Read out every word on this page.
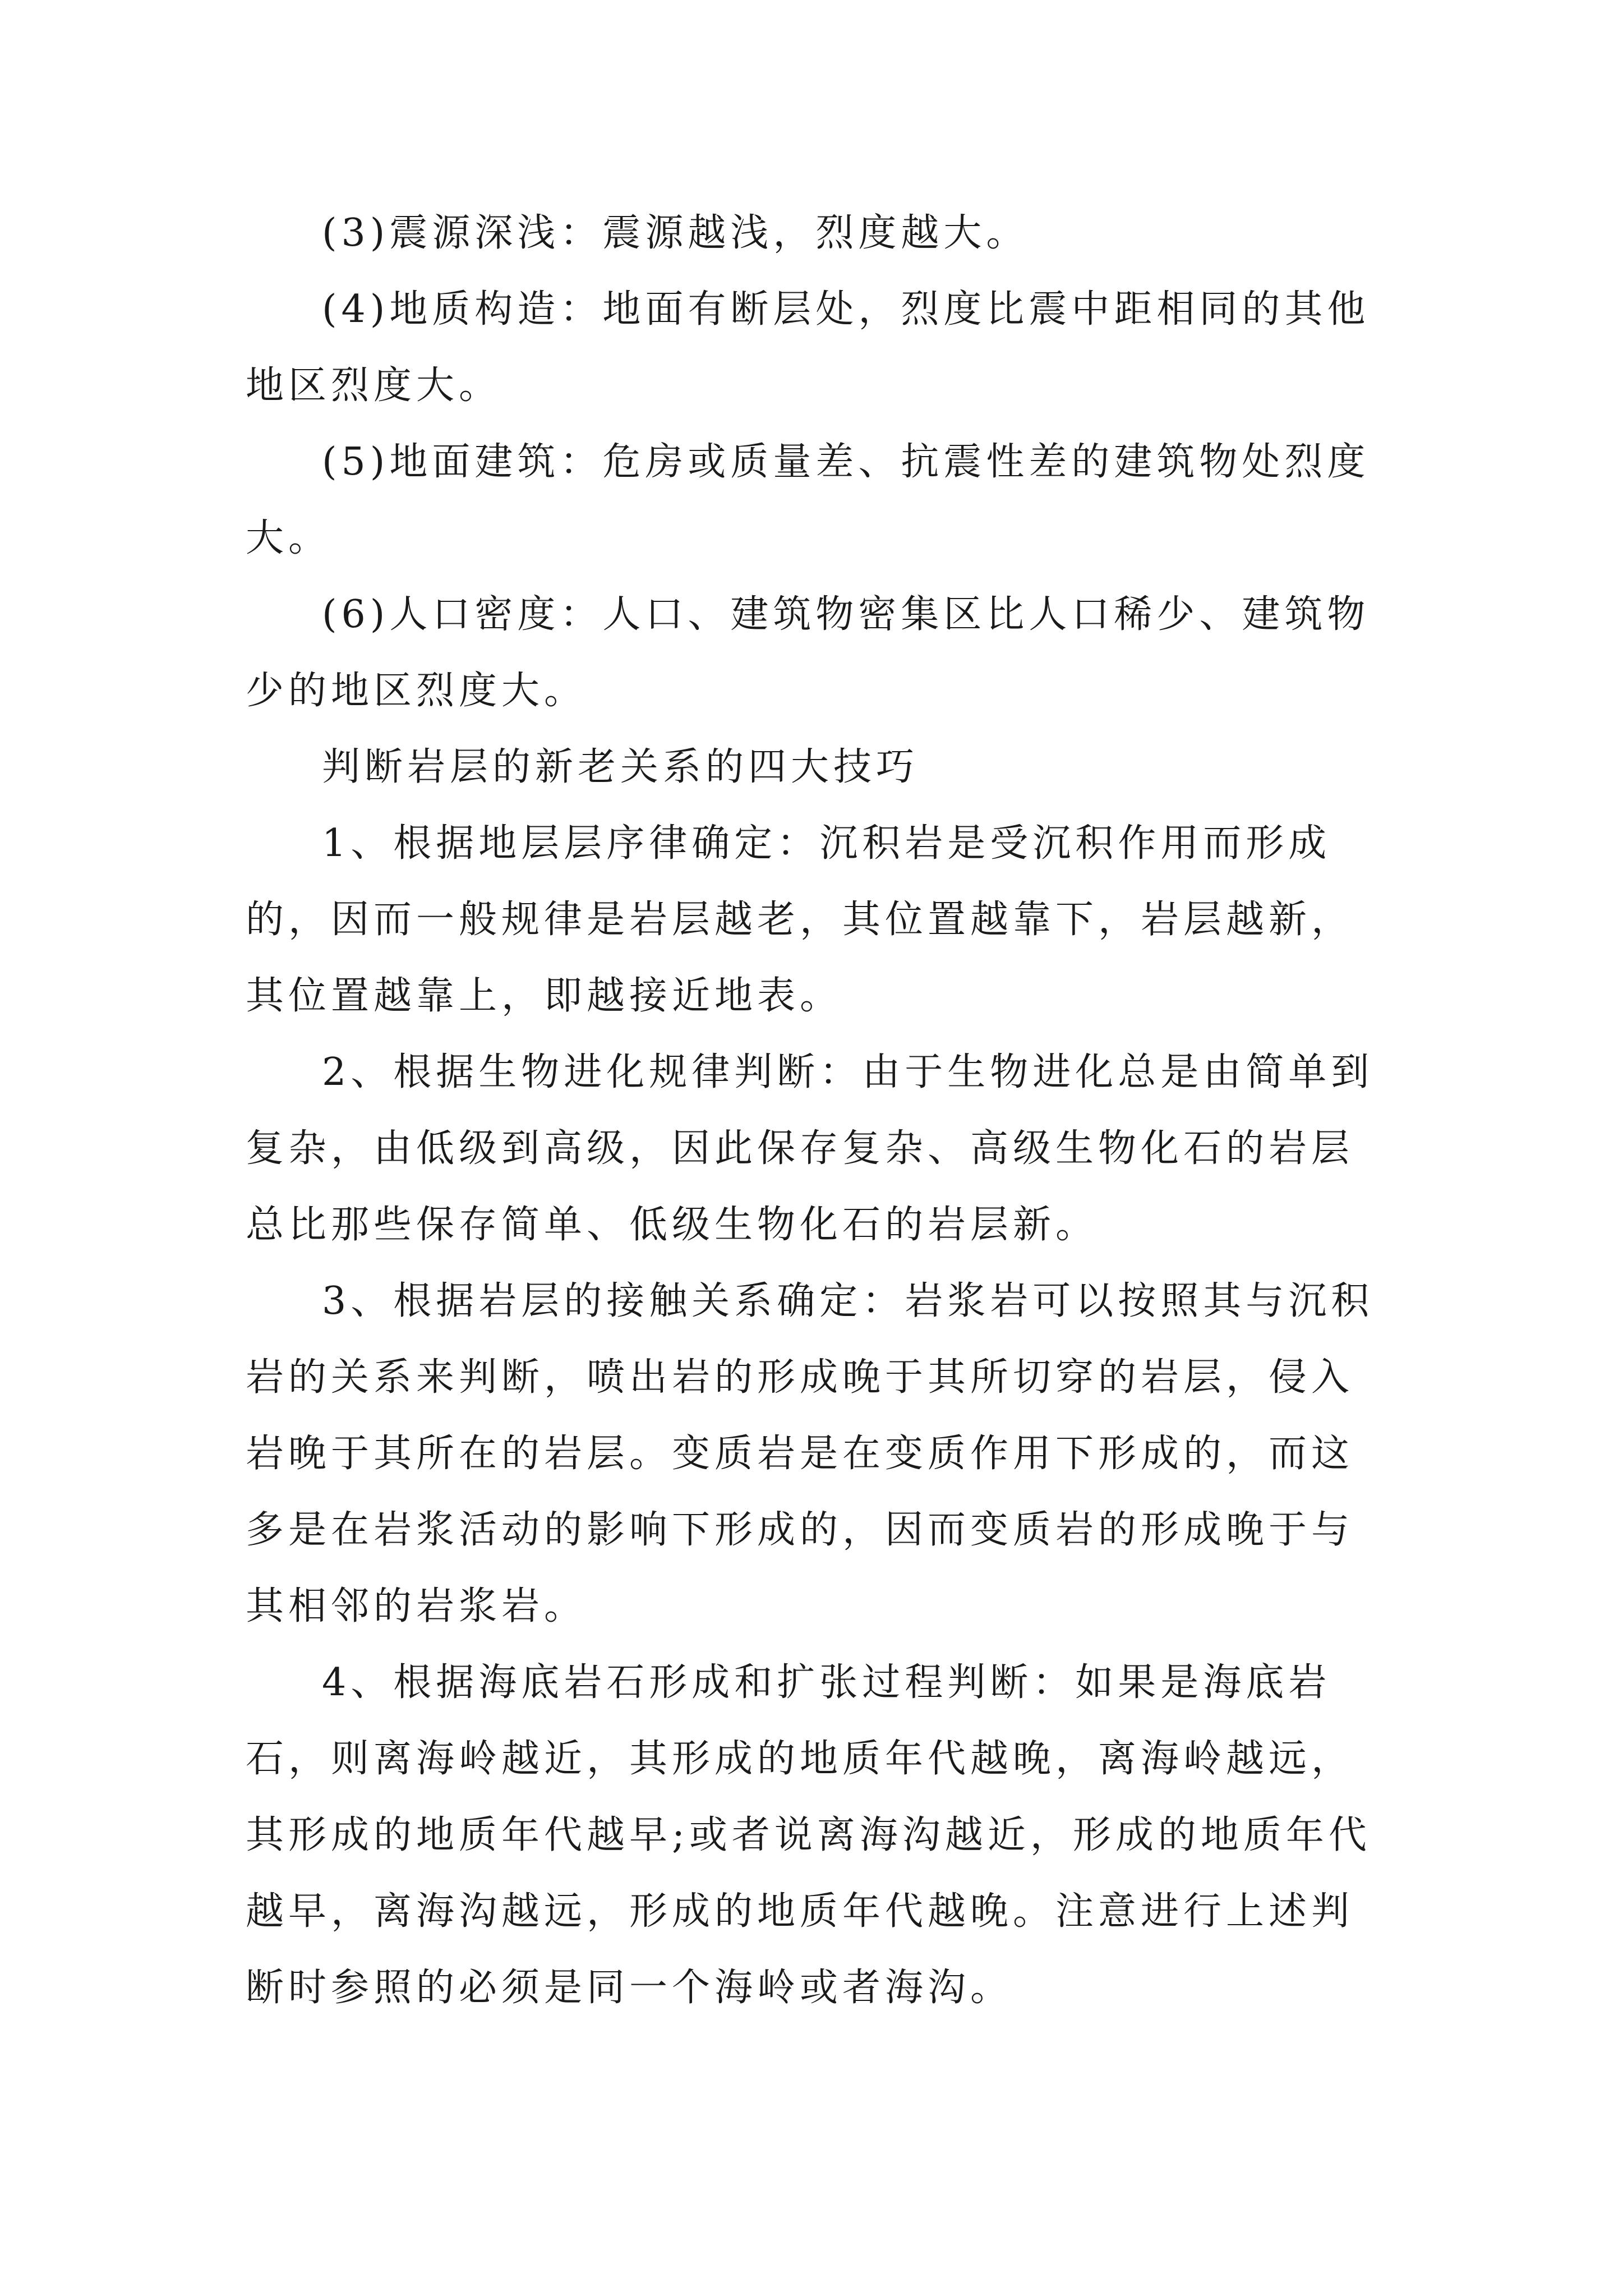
(3)震源深浅：震源越浅，烈度越大。

(4)地质构造：地面有断层处，烈度比震中距相同的其他地区烈度大。

(5)地面建筑：危房或质量差、抗震性差的建筑物处烈度大。

(6)人口密度：人口、建筑物密集区比人口稀少、建筑物少的地区烈度大。

判断岩层的新老关系的四大技巧

1、根据地层层序律确定：沉积岩是受沉积作用而形成的，因而一般规律是岩层越老，其位置越靠下，岩层越新，其位置越靠上，即越接近地表。

2、根据生物进化规律判断：由于生物进化总是由简单到复杂，由低级到高级，因此保存复杂、高级生物化石的岩层总比那些保存简单、低级生物化石的岩层新。

3、根据岩层的接触关系确定：岩浆岩可以按照其与沉积岩的关系来判断，喷出岩的形成晚于其所切穿的岩层，侵入岩晚于其所在的岩层。变质岩是在变质作用下形成的，而这多是在岩浆活动的影响下形成的，因而变质岩的形成晚于与其相邻的岩浆岩。

4、根据海底岩石形成和扩张过程判断：如果是海底岩石，则离海岭越近，其形成的地质年代越晚，离海岭越远，其形成的地质年代越早;或者说离海沟越近，形成的地质年代越早，离海沟越远，形成的地质年代越晚。注意进行上述判断时参照的必须是同一个海岭或者海沟。
